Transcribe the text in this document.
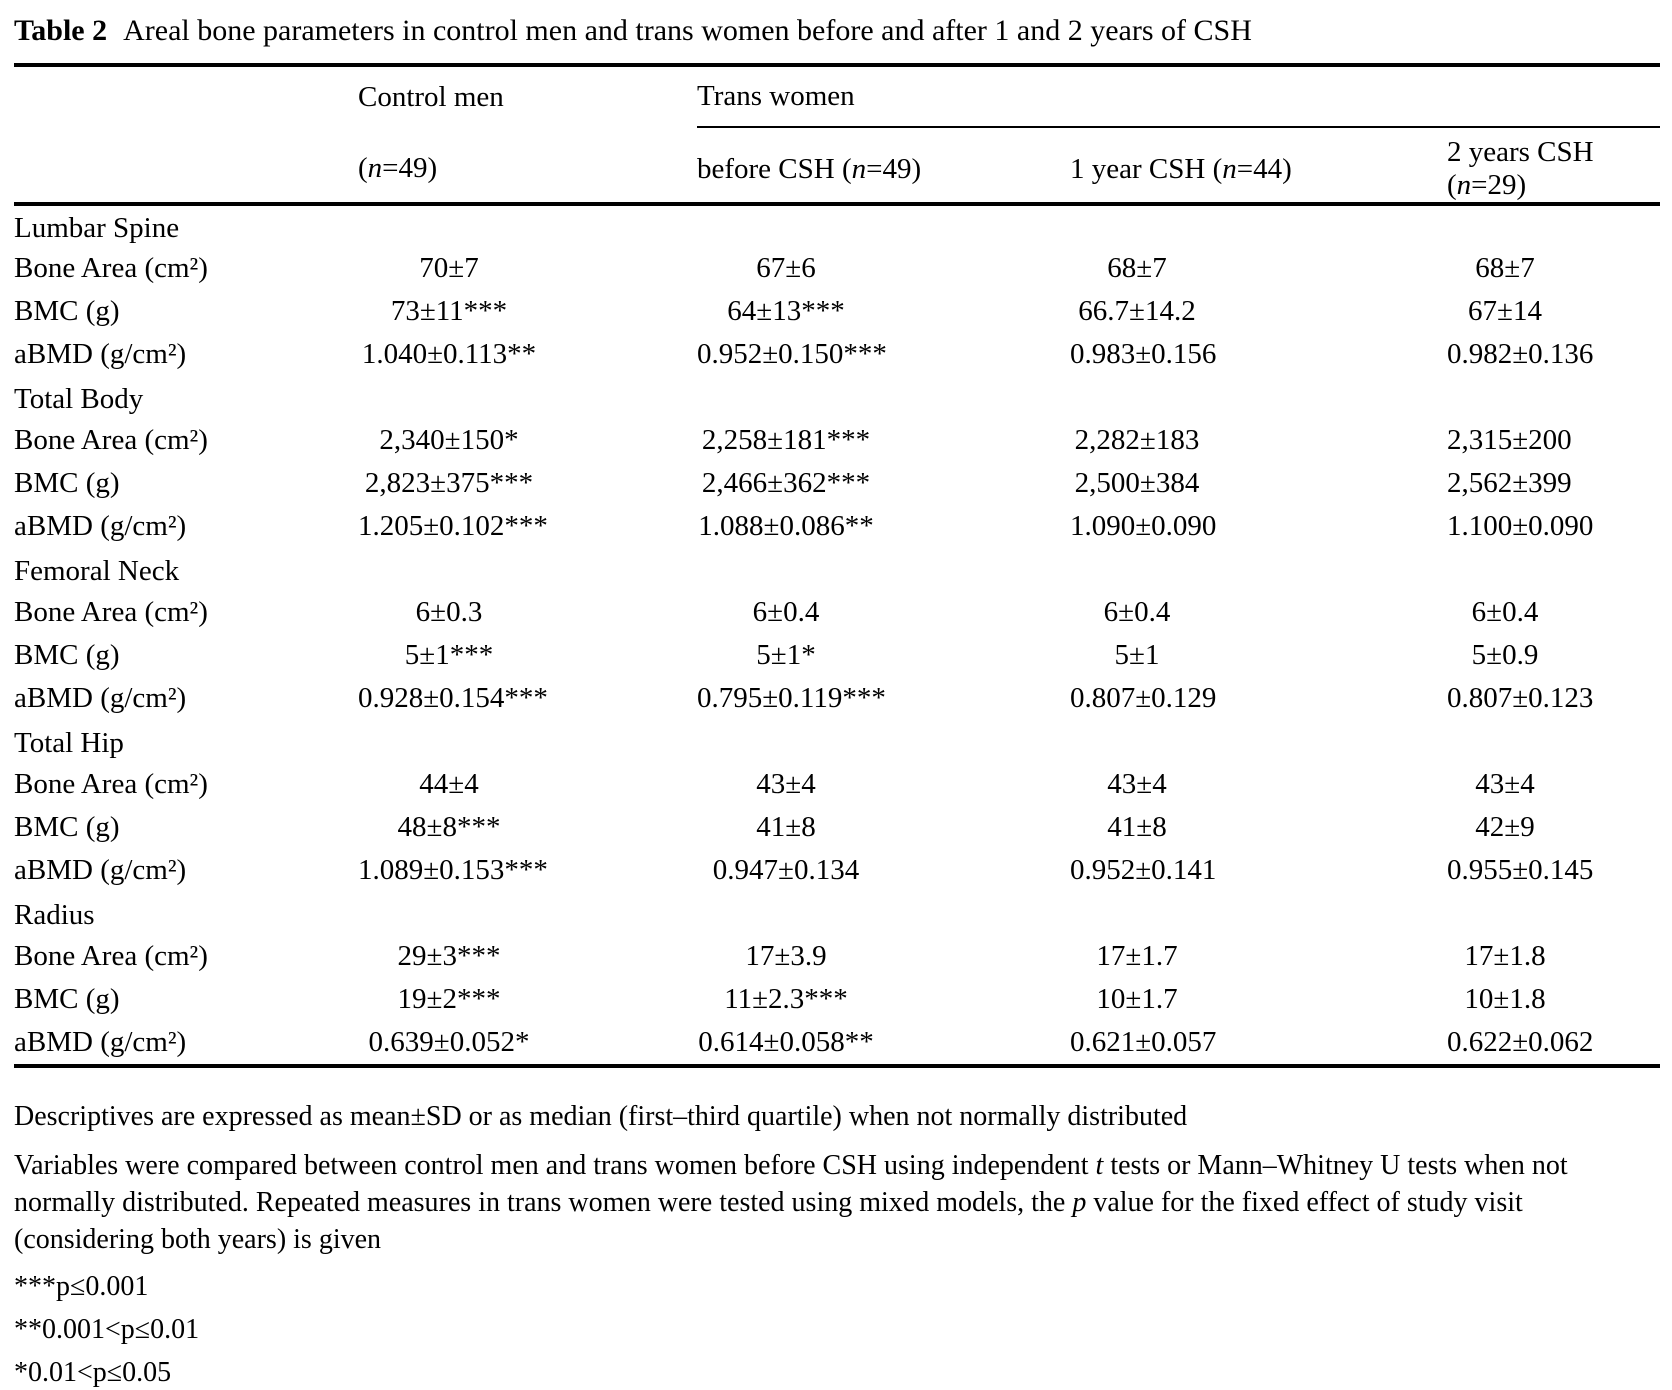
Table 2 Areal bone parameters in control men and trans women before and after 1 and 2 years of CSH
	Control men	Trans women		
	(n=49)	before CSH (n=49)	1 year CSH (n=44)	2 years CSH (n=29)
Lumbar Spine				
Bone Area (cm²)	70±7	67±6	68±7	68±7
BMC (g)	73±11***	64±13***	66.7±14.2	67±14
aBMD (g/cm²)	1.040±0.113**	0.952±0.150***	0.983±0.156	0.982±0.136
Total Body				
Bone Area (cm²)	2,340±150*	2,258±181***	2,282±183	2,315±200
BMC (g)	2,823±375***	2,466±362***	2,500±384	2,562±399
aBMD (g/cm²)	1.205±0.102***	1.088±0.086**	1.090±0.090	1.100±0.090
Femoral Neck				
Bone Area (cm²)	6±0.3	6±0.4	6±0.4	6±0.4
BMC (g)	5±1***	5±1*	5±1	5±0.9
aBMD (g/cm²)	0.928±0.154***	0.795±0.119***	0.807±0.129	0.807±0.123
Total Hip				
Bone Area (cm²)	44±4	43±4	43±4	43±4
BMC (g)	48±8***	41±8	41±8	42±9
aBMD (g/cm²)	1.089±0.153***	0.947±0.134	0.952±0.141	0.955±0.145
Radius				
Bone Area (cm²)	29±3***	17±3.9	17±1.7	17±1.8
BMC (g)	19±2***	11±2.3***	10±1.7	10±1.8
aBMD (g/cm²)	0.639±0.052*	0.614±0.058**	0.621±0.057	0.622±0.062

Descriptives are expressed as mean±SD or as median (first–third quartile) when not normally distributed

Variables were compared between control men and trans women before CSH using independent t tests or Mann–Whitney U tests when not normally distributed. Repeated measures in trans women were tested using mixed models, the p value for the fixed effect of study visit (considering both years) is given

***p≤0.001

**0.001<p≤0.01

*0.01<p≤0.05
